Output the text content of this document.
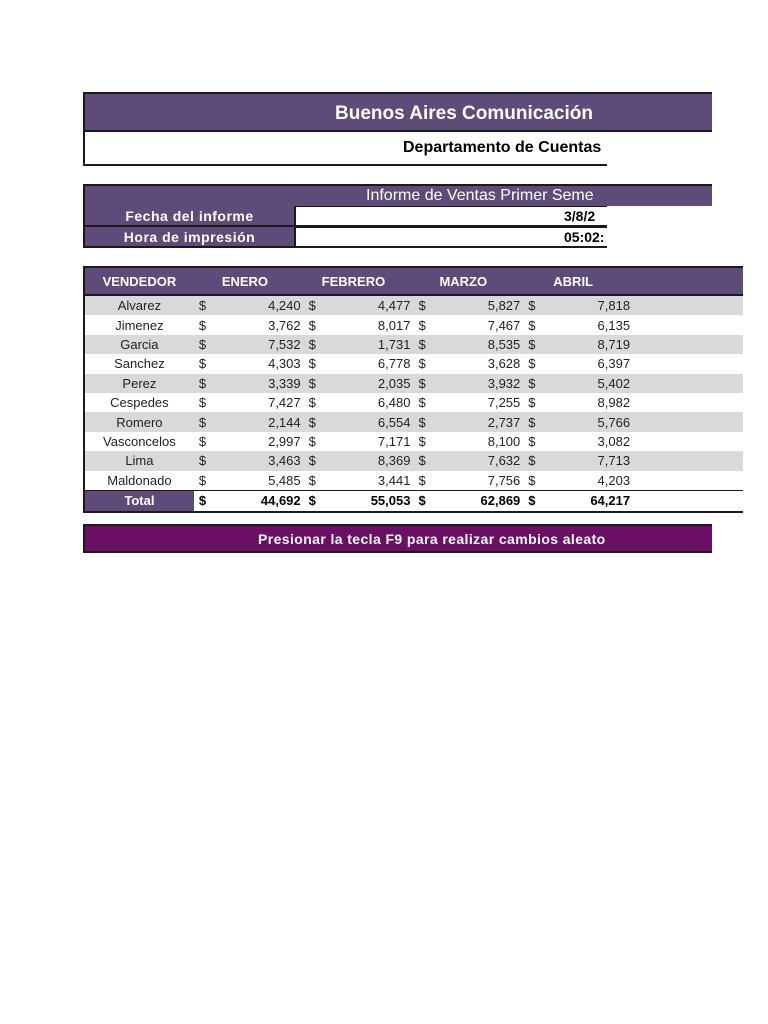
Buenos Aires Comunicación
Departamento de Cuentas
Informe de Ventas Primer Seme
Fecha del informe	3/8/2
Hora de impresión	05:02:
VENDEDOR	ENERO		FEBRERO		MARZO		ABRIL		
Alvarez	$	4,240	$	4,477	$	5,827	$	7,818	
Jimenez	$	3,762	$	8,017	$	7,467	$	6,135	
Garcia	$	7,532	$	1,731	$	8,535	$	8,719	
Sanchez	$	4,303	$	6,778	$	3,628	$	6,397	
Perez	$	3,339	$	2,035	$	3,932	$	5,402	
Cespedes	$	7,427	$	6,480	$	7,255	$	8,982	
Romero	$	2,144	$	6,554	$	2,737	$	5,766	
Vasconcelos	$	2,997	$	7,171	$	8,100	$	3,082	
Lima	$	3,463	$	8,369	$	7,632	$	7,713	
Maldonado	$	5,485	$	3,441	$	7,756	$	4,203	
Total	$	44,692	$	55,053	$	62,869	$	64,217	
Presionar la tecla F9 para realizar cambios aleato
